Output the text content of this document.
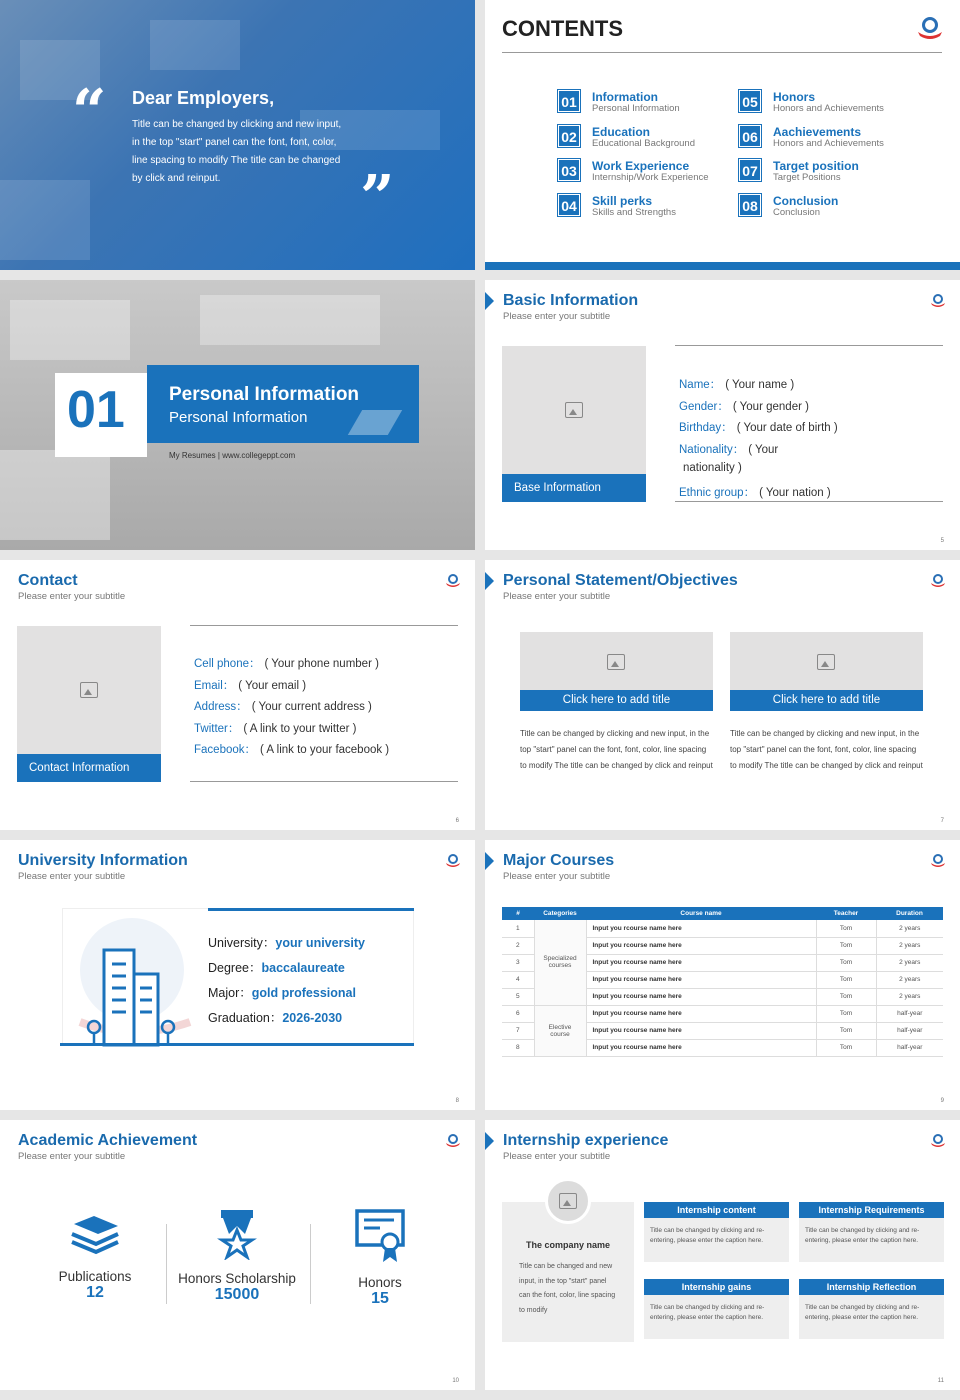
“ Dear Employers,
Title can be changed by clicking and new input, in the top "start" panel can the font, font, color, line spacing to modify The title can be changed by click and reinput.	”
CONTENTS
01 Information
Personal Information
02 Education
Educational Background
03 Work Experience
Internship/Work Experience
04 Skill perks
Skills and Strengths
05 Honors
Honors and Achievements
06 Aachievements
Honors and Achievements
07 Target position
Target Positions
08 Conclusion
Conclusion
01 Personal Information
Personal Information
My Resumes | www.collegeppt.com
Basic Information
Please enter your subtitle
Base Information
Name： ( Your name )
Gender： ( Your gender )
Birthday： ( Your date of birth )
Nationality： ( Your
nationality )
Ethnic group： ( Your nation )
5
Contact
Please enter your subtitle
Contact Information
Cell phone： ( Your phone number )
Email： ( Your email )
Address： ( Your current address )
Twitter： ( A link to your twitter )
Facebook： ( A link to your facebook )
6
Personal Statement/Objectives
Please enter your subtitle
Click here to add title
Title can be changed by clicking and new input, in the top "start" panel can the font, font, color, line spacing to modify The title can be changed by click and reinput
Click here to add title
Title can be changed by clicking and new input, in the top "start" panel can the font, font, color, line spacing to modify The title can be changed by click and reinput
7
University Information
Please enter your subtitle
University：your university
Degree：baccalaureate
Major：gold professional
Graduation：2026-2030
8
Major Courses
Please enter your subtitle
#	Categories	Course name	Teacher	Duration
1	Specialized courses	Input you rcourse name here	Tom	2 years
2		Input you rcourse name here	Tom	2 years
3		Input you rcourse name here	Tom	2 years
4		Input you rcourse name here	Tom	2 years
5		Input you rcourse name here	Tom	2 years
6	Elective course	Input you rcourse name here	Tom	half-year
7		Input you rcourse name here	Tom	half-year
8		Input you rcourse name here	Tom	half-year
9
Academic Achievement
Please enter your subtitle
Publications
12
Honors Scholarship
15000
Honors
15
10
Internship experience
Please enter your subtitle
The company name
Title can be changed and new input, in the top "start" panel can the font, color, line spacing to modify
Internship content
Title can be changed by clicking and re-entering, please enter the caption here.
Internship Requirements
Title can be changed by clicking and re-entering, please enter the caption here.
Internship gains
Title can be changed by clicking and re-entering, please enter the caption here.
Internship Reflection
Title can be changed by clicking and re-entering, please enter the caption here.
11
